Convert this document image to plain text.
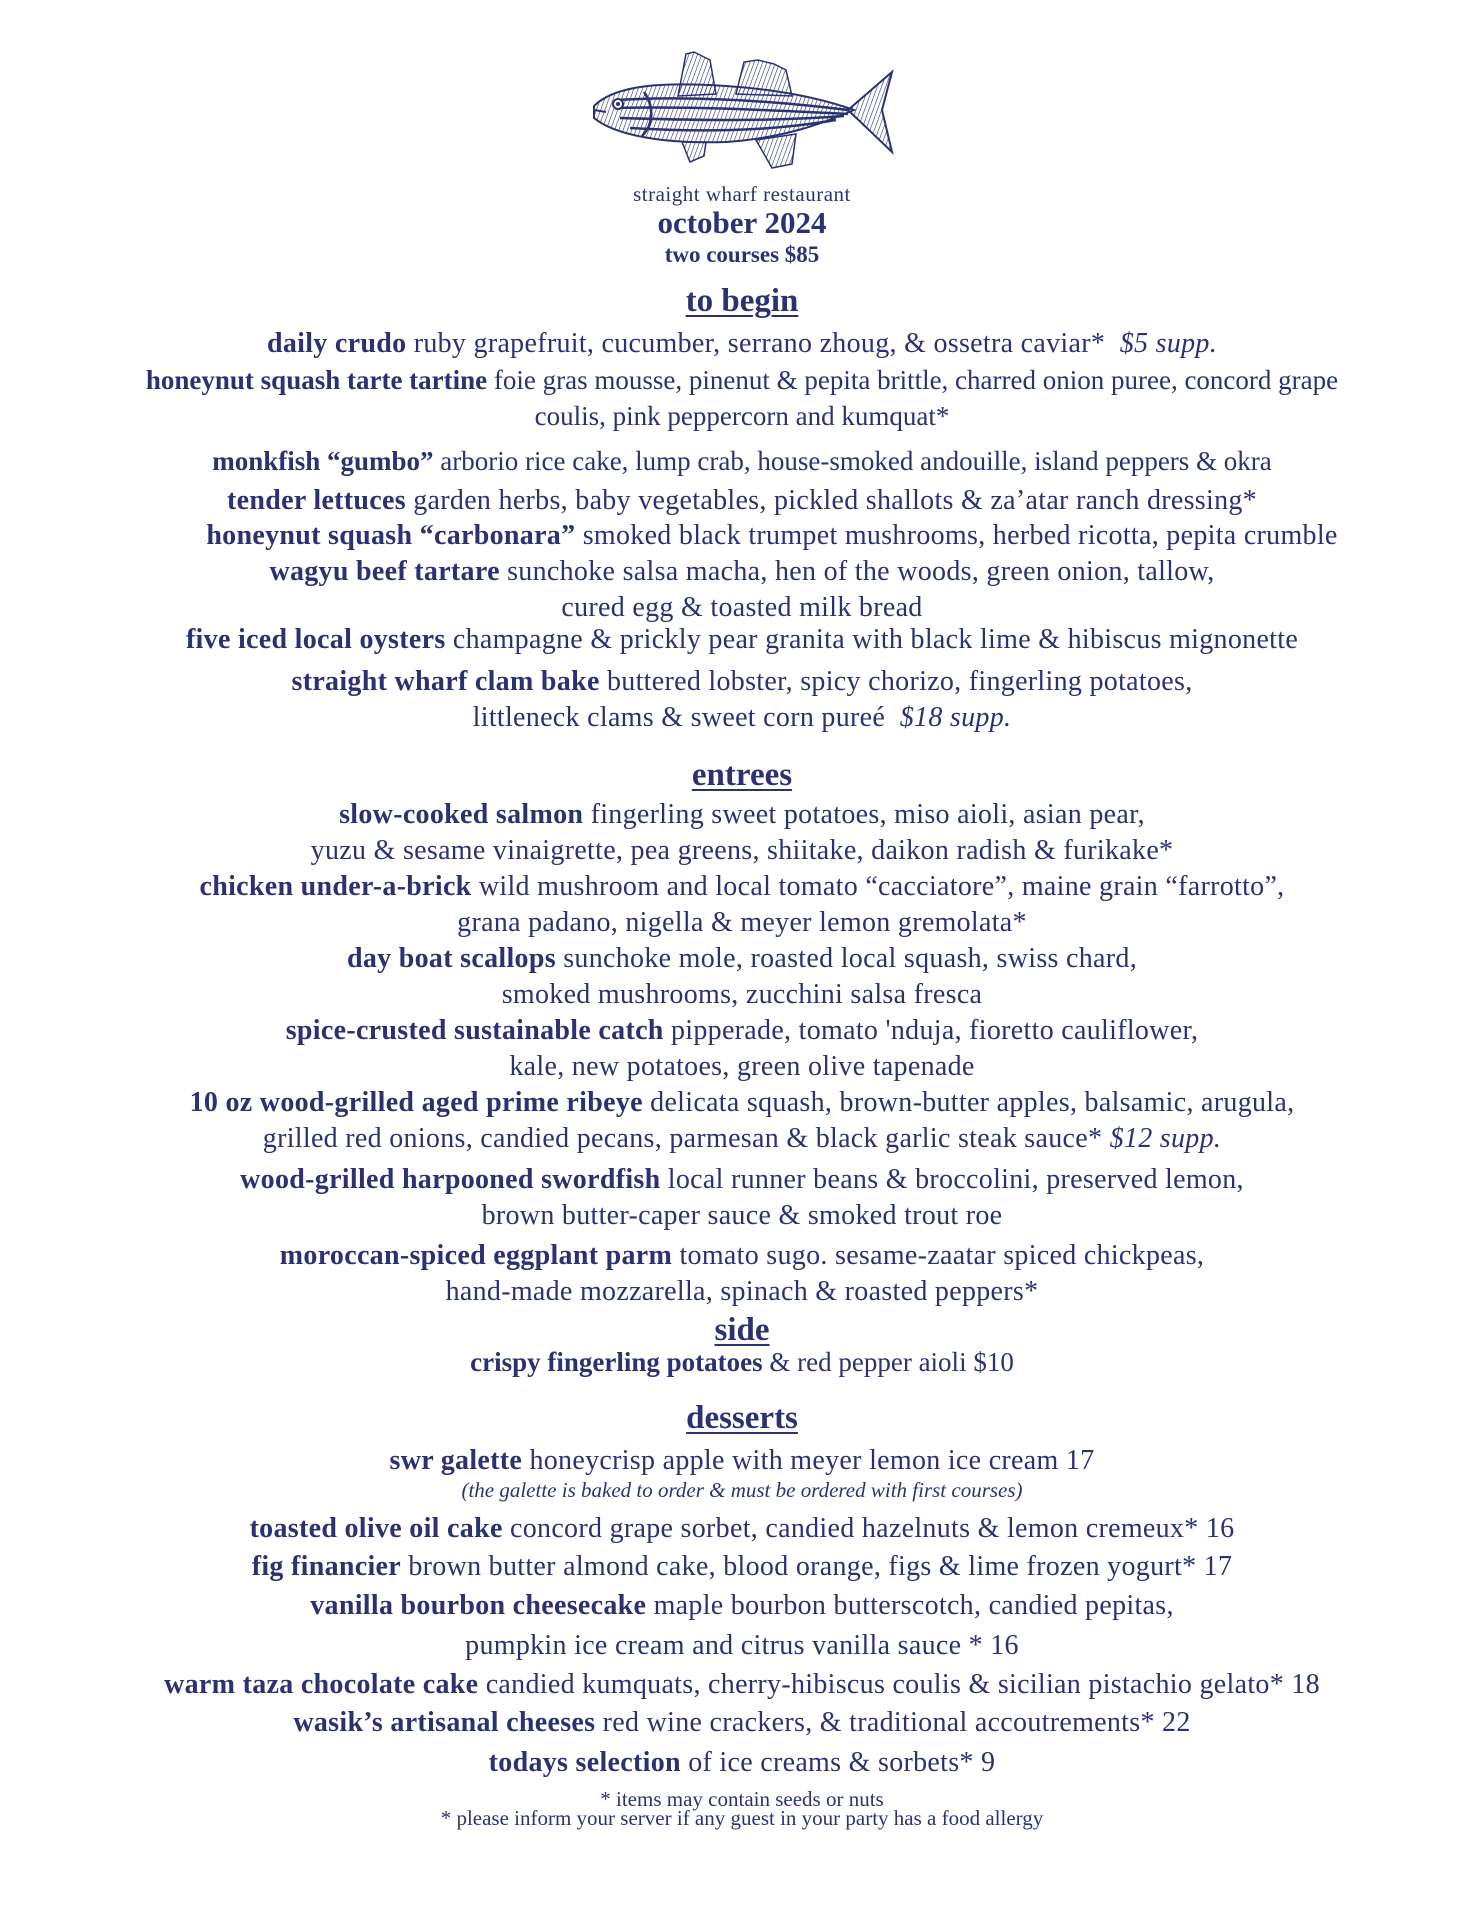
straight wharf restaurant
october 2024
two courses $85
to begin
daily crudo ruby grapefruit, cucumber, serrano zhoug, & ossetra caviar* $5 supp.
honeynut squash tarte tartine foie gras mousse, pinenut & pepita brittle, charred onion puree, concord grape
coulis, pink peppercorn and kumquat*
monkfish “gumbo” arborio rice cake, lump crab, house-smoked andouille, island peppers & okra
tender lettuces garden herbs, baby vegetables, pickled shallots & za’atar ranch dressing*
honeynut squash “carbonara” smoked black trumpet mushrooms, herbed ricotta, pepita crumble
wagyu beef tartare sunchoke salsa macha, hen of the woods, green onion, tallow,
cured egg & toasted milk bread
five iced local oysters champagne & prickly pear granita with black lime & hibiscus mignonette
straight wharf clam bake buttered lobster, spicy chorizo, fingerling potatoes,
littleneck clams & sweet corn pureé $18 supp.
entrees
slow-cooked salmon fingerling sweet potatoes, miso aioli, asian pear,
yuzu & sesame vinaigrette, pea greens, shiitake, daikon radish & furikake*
chicken under-a-brick wild mushroom and local tomato “cacciatore”, maine grain “farrotto”,
grana padano, nigella & meyer lemon gremolata*
day boat scallops sunchoke mole, roasted local squash, swiss chard,
smoked mushrooms, zucchini salsa fresca
spice-crusted sustainable catch pipperade, tomato 'nduja, fioretto cauliflower,
kale, new potatoes, green olive tapenade
10 oz wood-grilled aged prime ribeye delicata squash, brown-butter apples, balsamic, arugula,
grilled red onions, candied pecans, parmesan & black garlic steak sauce* $12 supp.
wood-grilled harpooned swordfish local runner beans & broccolini, preserved lemon,
brown butter-caper sauce & smoked trout roe
moroccan-spiced eggplant parm tomato sugo. sesame-zaatar spiced chickpeas,
hand-made mozzarella, spinach & roasted peppers*
side
crispy fingerling potatoes & red pepper aioli $10
desserts
swr galette honeycrisp apple with meyer lemon ice cream 17
(the galette is baked to order & must be ordered with first courses)
toasted olive oil cake concord grape sorbet, candied hazelnuts & lemon cremeux* 16
fig financier brown butter almond cake, blood orange, figs & lime frozen yogurt* 17
vanilla bourbon cheesecake maple bourbon butterscotch, candied pepitas,
pumpkin ice cream and citrus vanilla sauce * 16
warm taza chocolate cake candied kumquats, cherry-hibiscus coulis & sicilian pistachio gelato* 18
wasik’s artisanal cheeses red wine crackers, & traditional accoutrements* 22
todays selection of ice creams & sorbets* 9
* items may contain seeds or nuts
* please inform your server if any guest in your party has a food allergy
